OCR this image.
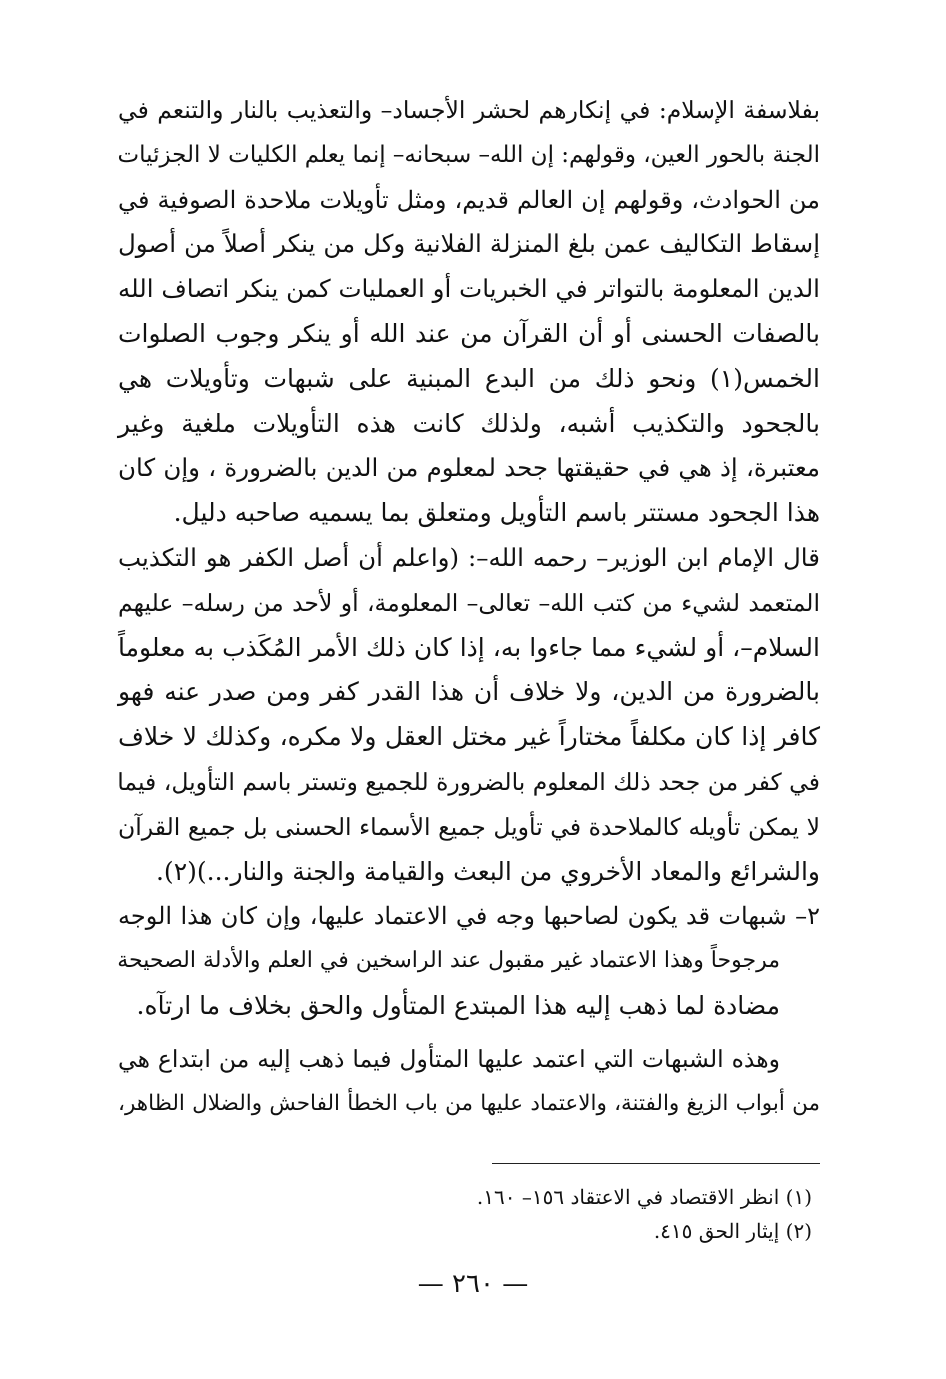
بفلاسفة الإسلام: في إنكارهم لحشر الأجساد– والتعذيب بالنار والتنعم في
الجنة بالحور العين، وقولهم: إن الله– سبحانه– إنما يعلم الكليات لا الجزئيات
من الحوادث، وقولهم إن العالم قديم، ومثل تأويلات ملاحدة الصوفية في
إسقاط التكاليف عمن بلغ المنزلة الفلانية وكل من ينكر أصلاً من أصول
الدين المعلومة بالتواتر في الخبريات أو العمليات كمن ينكر اتصاف الله
بالصفات الحسنى أو أن القرآن من عند الله أو ينكر وجوب الصلوات
الخمس(١) ونحو ذلك من البدع المبنية على شبهات وتأويلات هي
بالجحود والتكذيب أشبه، ولذلك كانت هذه التأويلات ملغية وغير
معتبرة، إذ هي في حقيقتها جحد لمعلوم من الدين بالضرورة ، وإن كان
هذا الجحود مستتر باسم التأويل ومتعلق بما يسميه صاحبه دليل.
قال الإمام ابن الوزير– رحمه الله–: (واعلم أن أصل الكفر هو التكذيب
المتعمد لشيء من كتب الله– تعالى– المعلومة، أو لأحد من رسله– عليهم
السلام–، أو لشيء مما جاءوا به، إذا كان ذلك الأمر المُكَذب به معلوماً
بالضرورة من الدين، ولا خلاف أن هذا القدر كفر ومن صدر عنه فهو
كافر إذا كان مكلفاً مختاراً غير مختل العقل ولا مكره، وكذلك لا خلاف
في كفر من جحد ذلك المعلوم بالضرورة للجميع وتستر باسم التأويل، فيما
لا يمكن تأويله كالملاحدة في تأويل جميع الأسماء الحسنى بل جميع القرآن
والشرائع والمعاد الأخروي من البعث والقيامة والجنة والنار...)(٢).
٢– شبهات قد يكون لصاحبها وجه في الاعتماد عليها، وإن كان هذا الوجه
مرجوحاً وهذا الاعتماد غير مقبول عند الراسخين في العلم والأدلة الصحيحة
مضادة لما ذهب إليه هذا المبتدع المتأول والحق بخلاف ما ارتآه.
وهذه الشبهات التي اعتمد عليها المتأول فيما ذهب إليه من ابتداع هي
من أبواب الزيغ والفتنة، والاعتماد عليها من باب الخطأ الفاحش والضلال الظاهر،
(١) انظر الاقتصاد في الاعتقاد ١٥٦– ١٦٠.
(٢) إيثار الحق ٤١٥.
— ٢٦٠ —
